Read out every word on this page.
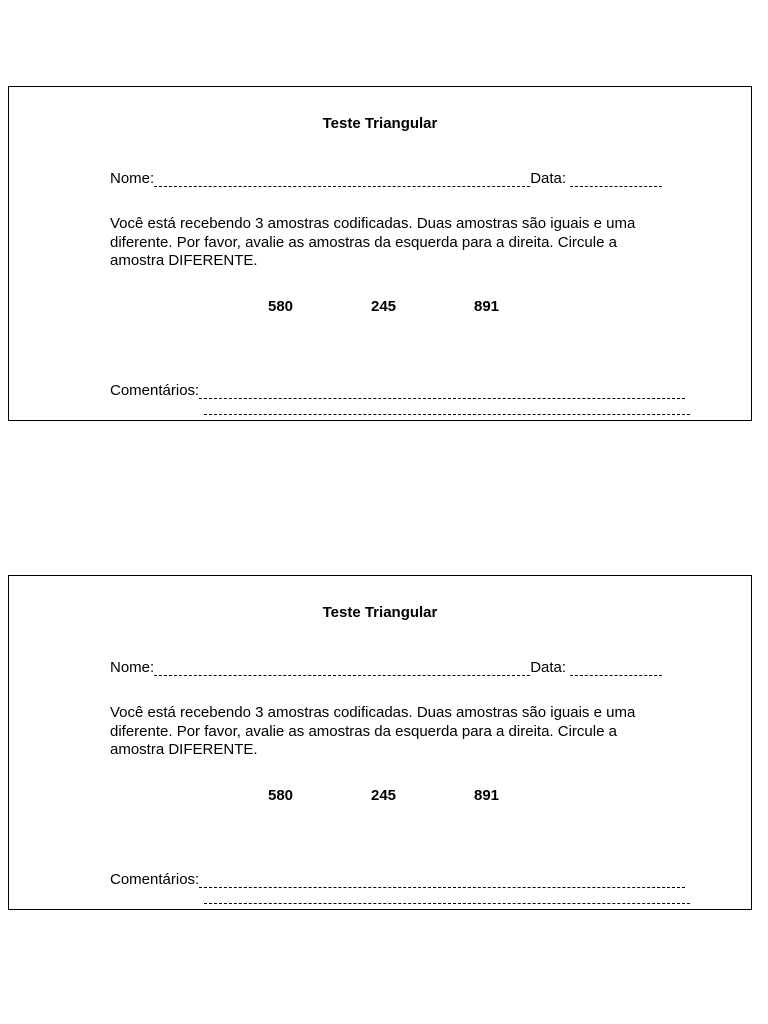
Teste Triangular
Nome:	Data:
Você está recebendo 3 amostras codificadas. Duas amostras são iguais e uma diferente. Por favor, avalie as amostras da esquerda para a direita. Circule a amostra DIFERENTE.
580	245	891
Comentários:
Teste Triangular
Nome:	Data:
Você está recebendo 3 amostras codificadas. Duas amostras são iguais e uma diferente. Por favor, avalie as amostras da esquerda para a direita. Circule a amostra DIFERENTE.
580	245	891
Comentários:
